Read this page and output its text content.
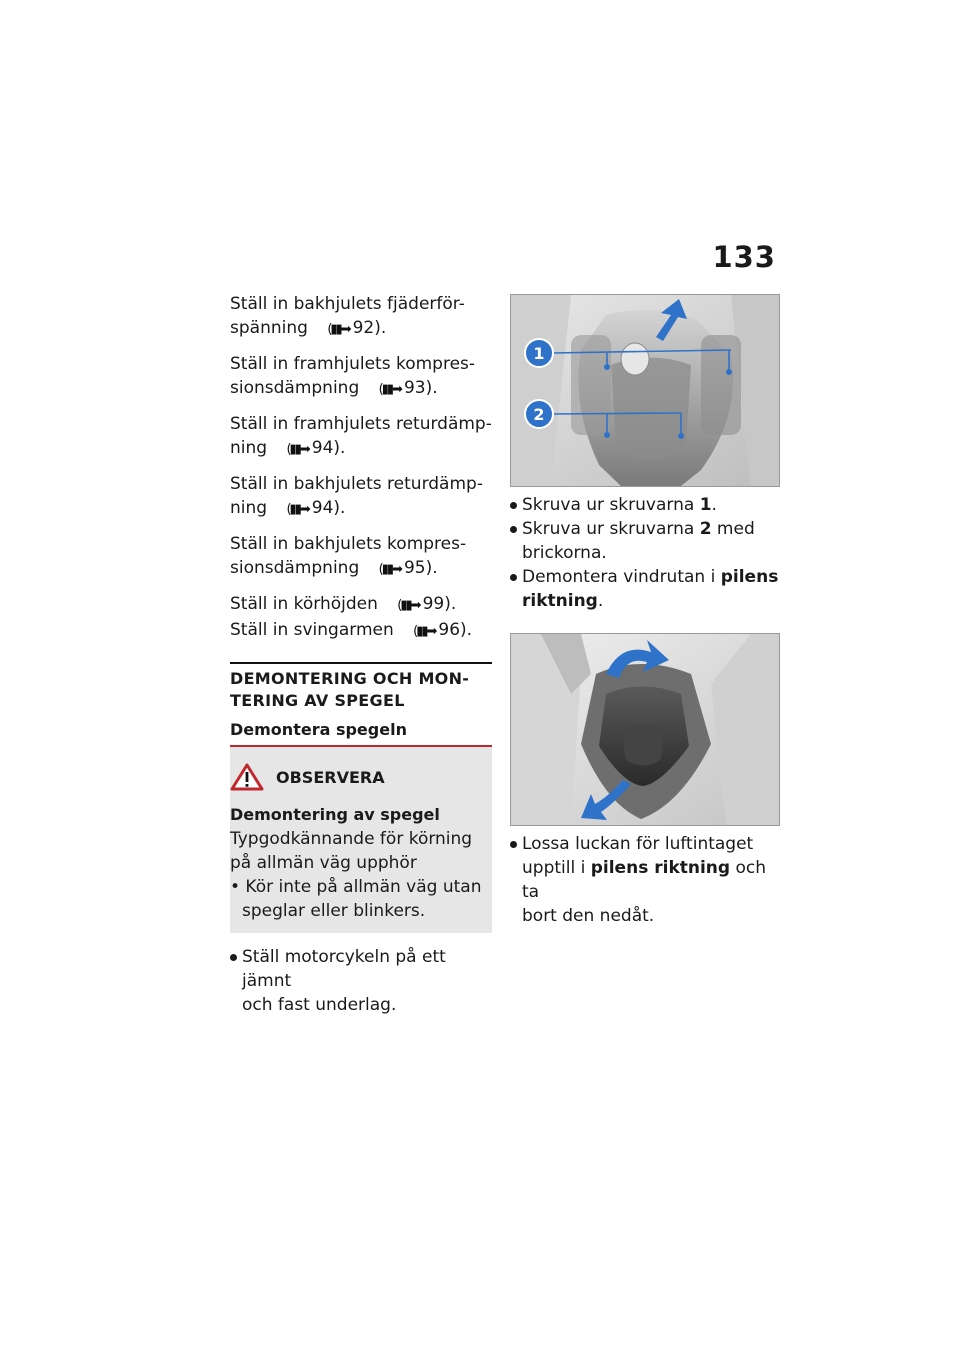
133

Ställ in bakhjulets fjäderför-
spänning (▮▮➡ 92).

Ställ in framhjulets kompres-
sionsdämpning (▮▮➡ 93).

Ställ in framhjulets returdämp-
ning (▮▮➡ 94).

Ställ in bakhjulets returdämp-
ning (▮▮➡ 94).

Ställ in bakhjulets kompres-
sionsdämpning (▮▮➡ 95).

Ställ in körhöjden (▮▮➡ 99).

Ställ in svingarmen (▮▮➡ 96).

DEMONTERING OCH MON-
TERING AV SPEGEL
Demontera spegeln
OBSERVERA
Demontering av spegel
Typgodkännande för körning
på allmän väg upphör
• Kör inte på allmän väg utan
speglar eller blinkers.
Ställ motorcykeln på ett jämnt
och fast underlag.
1
2
Skruva ur skruvarna 1.
Skruva ur skruvarna 2 med
brickorna.
Demontera vindrutan i pilens
riktning.
Lossa luckan för luftintaget
upptill i pilens riktning och ta
bort den nedåt.
